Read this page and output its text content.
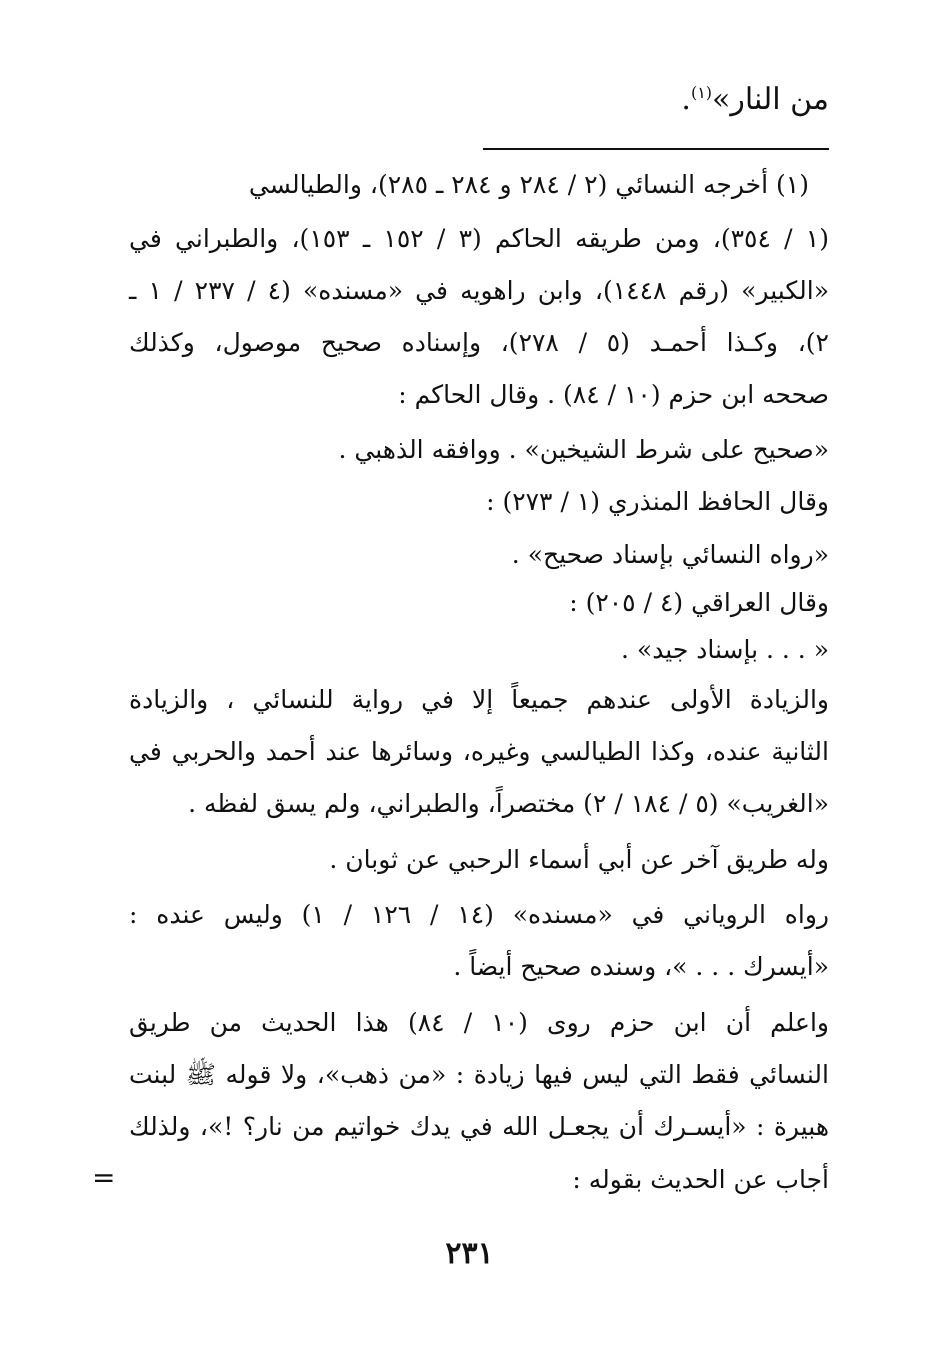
من النار»$^{(١)}$.
(١) أخرجه النسائي (٢ / ٢٨٤ و ٢٨٤ ـ ٢٨٥)، والطيالسي
(١ / ٣٥٤)، ومن طريقه الحاكم (٣ / ١٥٢ ـ ١٥٣)، والطبراني في
«الكبير» (رقم ١٤٤٨)، وابن راهويه في «مسنده» (٤ / ٢٣٧ / ١ ـ
٢)، وكـذا أحمـد (٥ / ٢٧٨)، وإسناده صحيح موصول، وكذلك
صححه ابن حزم (١٠ / ٨٤) . وقال الحاكم :
«صحيح على شرط الشيخين» . ووافقه الذهبي .
وقال الحافظ المنذري (١ / ٢٧٣) :
«رواه النسائي بإسناد صحيح» .
وقال العراقي (٤ / ٢٠٥) :
« . . . بإسناد جيد» .
والزيادة الأولى عندهم جميعاً إلا في رواية للنسائي ، والزيادة
الثانية عنده، وكذا الطيالسي وغيره، وسائرها عند أحمد والحربي في
«الغريب» (٥ / ١٨٤ / ٢) مختصراً، والطبراني، ولم يسق لفظه .
وله طريق آخر عن أبي أسماء الرحبي عن ثوبان .
رواه الروياني في «مسنده» (١٤ / ١٢٦ / ١) وليس عنده :
«أيسرك . . . »، وسنده صحيح أيضاً .
واعلم أن ابن حزم روى (١٠ / ٨٤) هذا الحديث من طريق
النسائي فقط التي ليس فيها زيادة : «من ذهب»، ولا قوله ﷺ لبنت
هبيرة : «أيسـرك أن يجعـل الله في يدك خواتيم من نار؟ !»، ولذلك
أجاب عن الحديث بقوله :
=
٢٣١
